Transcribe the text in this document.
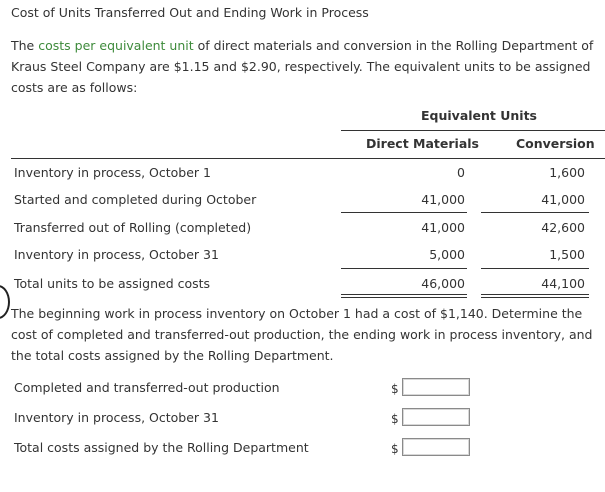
Cost of Units Transferred Out and Ending Work in Process
The costs per equivalent unit of direct materials and conversion in the Rolling Department of Kraus Steel Company are $1.15 and $2.90, respectively. The equivalent units to be assigned costs are as follows:
Equivalent Units
Direct Materials	Conversion
Inventory in process, October 1	0	1,600
Started and completed during October	41,000	41,000
Transferred out of Rolling (completed)	41,000	42,600
Inventory in process, October 31	5,000	1,500
Total units to be assigned costs	46,000	44,100
The beginning work in process inventory on October 1 had a cost of $1,140. Determine the cost of completed and transferred-out production, the ending work in process inventory, and the total costs assigned by the Rolling Department.
Completed and transferred-out production	$
Inventory in process, October 31	$
Total costs assigned by the Rolling Department	$
